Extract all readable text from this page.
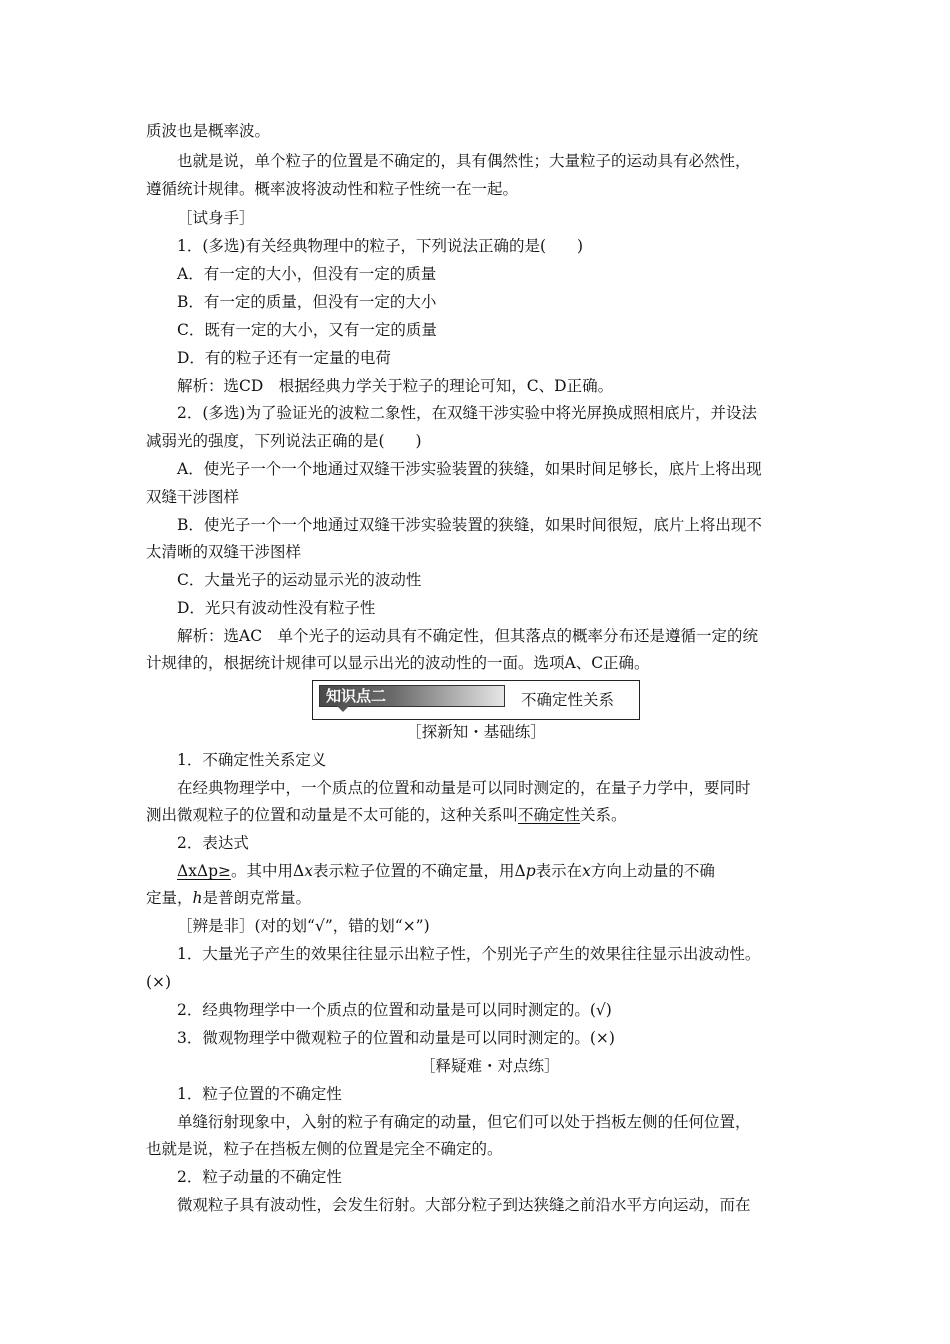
质波也是概率波。
也就是说，单个粒子的位置是不确定的，具有偶然性；大量粒子的运动具有必然性，
遵循统计规律。概率波将波动性和粒子性统一在一起。
［试身手］
1．(多选)有关经典物理中的粒子，下列说法正确的是(　　)
A．有一定的大小，但没有一定的质量
B．有一定的质量，但没有一定的大小
C．既有一定的大小，又有一定的质量
D．有的粒子还有一定量的电荷
解析：选CD　根据经典力学关于粒子的理论可知，C、D正确。
2．(多选)为了验证光的波粒二象性，在双缝干涉实验中将光屏换成照相底片，并设法
减弱光的强度，下列说法正确的是(　　)
A．使光子一个一个地通过双缝干涉实验装置的狭缝，如果时间足够长，底片上将出现
双缝干涉图样
B．使光子一个一个地通过双缝干涉实验装置的狭缝，如果时间很短，底片上将出现不
太清晰的双缝干涉图样
C．大量光子的运动显示光的波动性
D．光只有波动性没有粒子性
解析：选AC　单个光子的运动具有不确定性，但其落点的概率分布还是遵循一定的统
计规律的，根据统计规律可以显示出光的波动性的一面。选项A、C正确。
知识点二	不确定性关系
［探新知・基础练］
1．不确定性关系定义
在经典物理学中，一个质点的位置和动量是可以同时测定的，在量子力学中，要同时
测出微观粒子的位置和动量是不太可能的，这种关系叫不确定性关系。
2．表达式
ΔxΔp≥。其中用Δx表示粒子位置的不确定量，用Δp表示在x方向上动量的不确
定量，h是普朗克常量。
［辨是非］(对的划“√”，错的划“×”)
1．大量光子产生的效果往往显示出粒子性，个别光子产生的效果往往显示出波动性。
(×)
2．经典物理学中一个质点的位置和动量是可以同时测定的。(√)
3．微观物理学中微观粒子的位置和动量是可以同时测定的。(×)
［释疑难・对点练］
1．粒子位置的不确定性
单缝衍射现象中，入射的粒子有确定的动量，但它们可以处于挡板左侧的任何位置，
也就是说，粒子在挡板左侧的位置是完全不确定的。
2．粒子动量的不确定性
微观粒子具有波动性，会发生衍射。大部分粒子到达狭缝之前沿水平方向运动，而在
